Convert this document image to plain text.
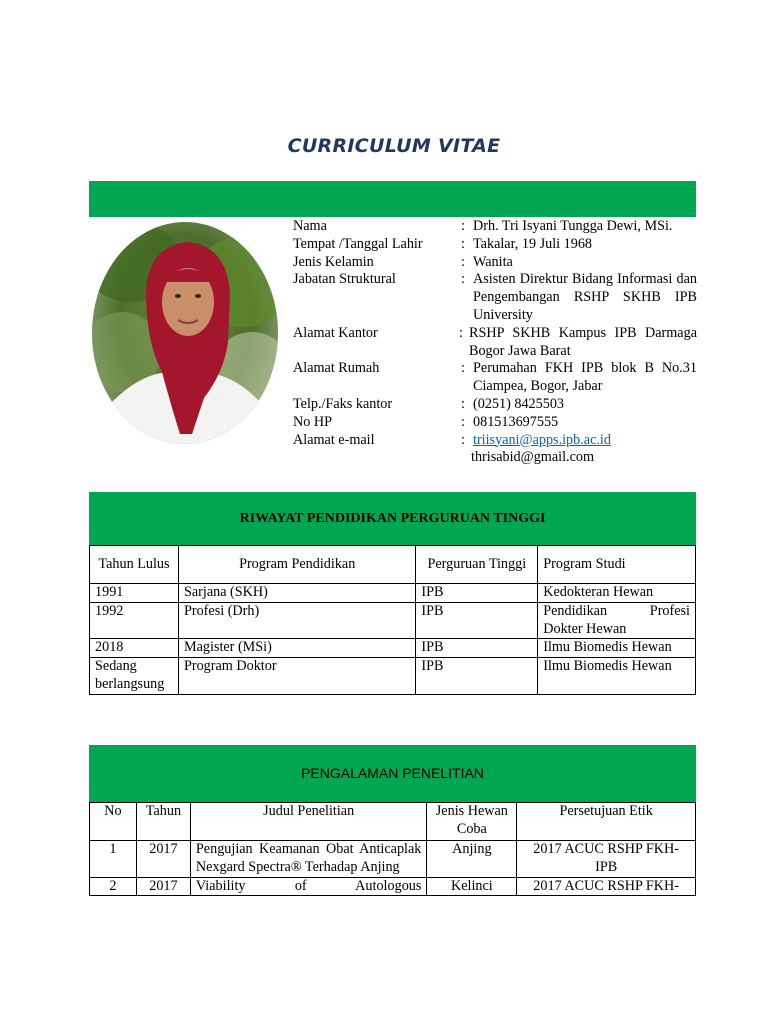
CURRICULUM VITAE
Nama	: Drh. Tri Isyani Tungga Dewi, MSi.
Tempat /Tanggal Lahir	: Takalar, 19 Juli 1968
Jenis Kelamin	: Wanita
Jabatan Struktural	: Asisten Direktur Bidang Informasi dan Pengembangan RSHP SKHB IPB University
Alamat Kantor	: RSHP SKHB Kampus IPB Darmaga Bogor Jawa Barat
Alamat Rumah	: Perumahan FKH IPB blok B No.31 Ciampea, Bogor, Jabar
Telp./Faks kantor	: (0251) 8425503
No HP	: 081513697555
Alamat e-mail	: triisyani@apps.ipb.ac.id
thrisabid@gmail.com
RIWAYAT PENDIDIKAN PERGURUAN TINGGI
Tahun Lulus	Program Pendidikan	Perguruan Tinggi	Program Studi
1991	Sarjana (SKH)	IPB	Kedokteran Hewan
1992	Profesi (Drh)	IPB	Pendidikan Profesi Dokter Hewan
2018	Magister (MSi)	IPB	Ilmu Biomedis Hewan
Sedang berlangsung	Program Doktor	IPB	Ilmu Biomedis Hewan
PENGALAMAN PENELITIAN
No	Tahun	Judul Penelitian	Jenis Hewan Coba	Persetujuan Etik
1	2017	Pengujian Keamanan Obat Anticaplak Nexgard Spectra® Terhadap Anjing	Anjing	2017 ACUC RSHP FKH-IPB
2	2017	Viability of Autologous	Kelinci	2017 ACUC RSHP FKH-
